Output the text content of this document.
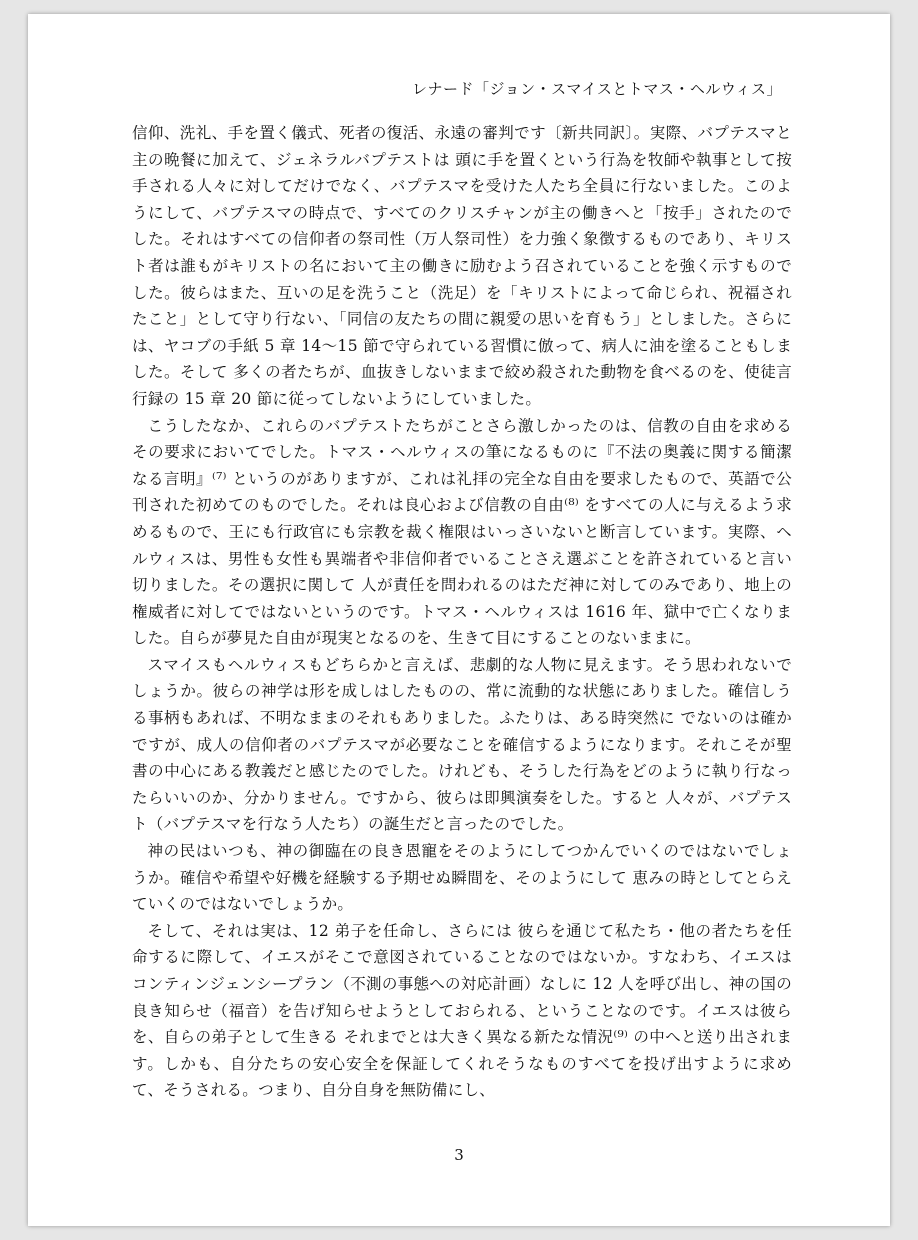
レナード「ジョン・スマイスとトマス・ヘルウィス」

信仰、洗礼、手を置く儀式、死者の復活、永遠の審判です〔新共同訳〕。実際、バプテスマと主の晩餐に加えて、ジェネラルバプテストは 頭に手を置くという行為を牧師や執事として按手される人々に対してだけでなく、バプテスマを受けた人たち全員に行ないました。このようにして、バプテスマの時点で、すべてのクリスチャンが主の働きへと「按手」されたのでした。それはすべての信仰者の祭司性（万人祭司性）を力強く象徴するものであり、キリスト者は誰もがキリストの名において主の働きに励むよう召されていることを強く示すものでした。彼らはまた、互いの足を洗うこと（洗足）を「キリストによって命じられ、祝福されたこと」として守り行ない、「同信の友たちの間に親愛の思いを育もう」としました。さらには、ヤコブの手紙 5 章 14〜15 節で守られている習慣に倣って、病人に油を塗ることもしました。そして 多くの者たちが、血抜きしないままで絞め殺された動物を食べるのを、使徒言行録の 15 章 20 節に従ってしないようにしていました。

こうしたなか、これらのバプテストたちがことさら激しかったのは、信教の自由を求める その要求においてでした。トマス・ヘルウィスの筆になるものに『不法の奥義に関する簡潔なる言明』⁽⁷⁾ というのがありますが、これは礼拝の完全な自由を要求したもので、英語で公刊された初めてのものでした。それは良心および信教の自由⁽⁸⁾ をすべての人に与えるよう求めるもので、王にも行政官にも宗教を裁く権限はいっさいないと断言しています。実際、ヘルウィスは、男性も女性も異端者や非信仰者でいることさえ選ぶことを許されていると言い切りました。その選択に関して 人が責任を問われるのはただ神に対してのみであり、地上の権威者に対してではないというのです。トマス・ヘルウィスは 1616 年、獄中で亡くなりました。自らが夢見た自由が現実となるのを、生きて目にすることのないままに。

スマイスもヘルウィスもどちらかと言えば、悲劇的な人物に見えます。そう思われないでしょうか。彼らの神学は形を成しはしたものの、常に流動的な状態にありました。確信しうる事柄もあれば、不明なままのそれもありました。ふたりは、ある時突然に でないのは確かですが、成人の信仰者のバプテスマが必要なことを確信するようになります。それこそが聖書の中心にある教義だと感じたのでした。けれども、そうした行為をどのように執り行なったらいいのか、分かりません。ですから、彼らは即興演奏をした。すると 人々が、バプテスト（バプテスマを行なう人たち）の誕生だと言ったのでした。

神の民はいつも、神の御臨在の良き恩寵をそのようにしてつかんでいくのではないでしょうか。確信や希望や好機を経験する予期せぬ瞬間を、そのようにして 恵みの時としてとらえていくのではないでしょうか。

そして、それは実は、12 弟子を任命し、さらには 彼らを通じて私たち・他の者たちを任命するに際して、イエスがそこで意図されていることなのではないか。すなわち、イエスはコンティンジェンシープラン（不測の事態への対応計画）なしに 12 人を呼び出し、神の国の良き知らせ（福音）を告げ知らせようとしておられる、ということなのです。イエスは彼らを、自らの弟子として生きる それまでとは大きく異なる新たな情況⁽⁹⁾ の中へと送り出されます。しかも、自分たちの安心安全を保証してくれそうなものすべてを投げ出すように求めて、そうされる。つまり、自分自身を無防備にし、

3
